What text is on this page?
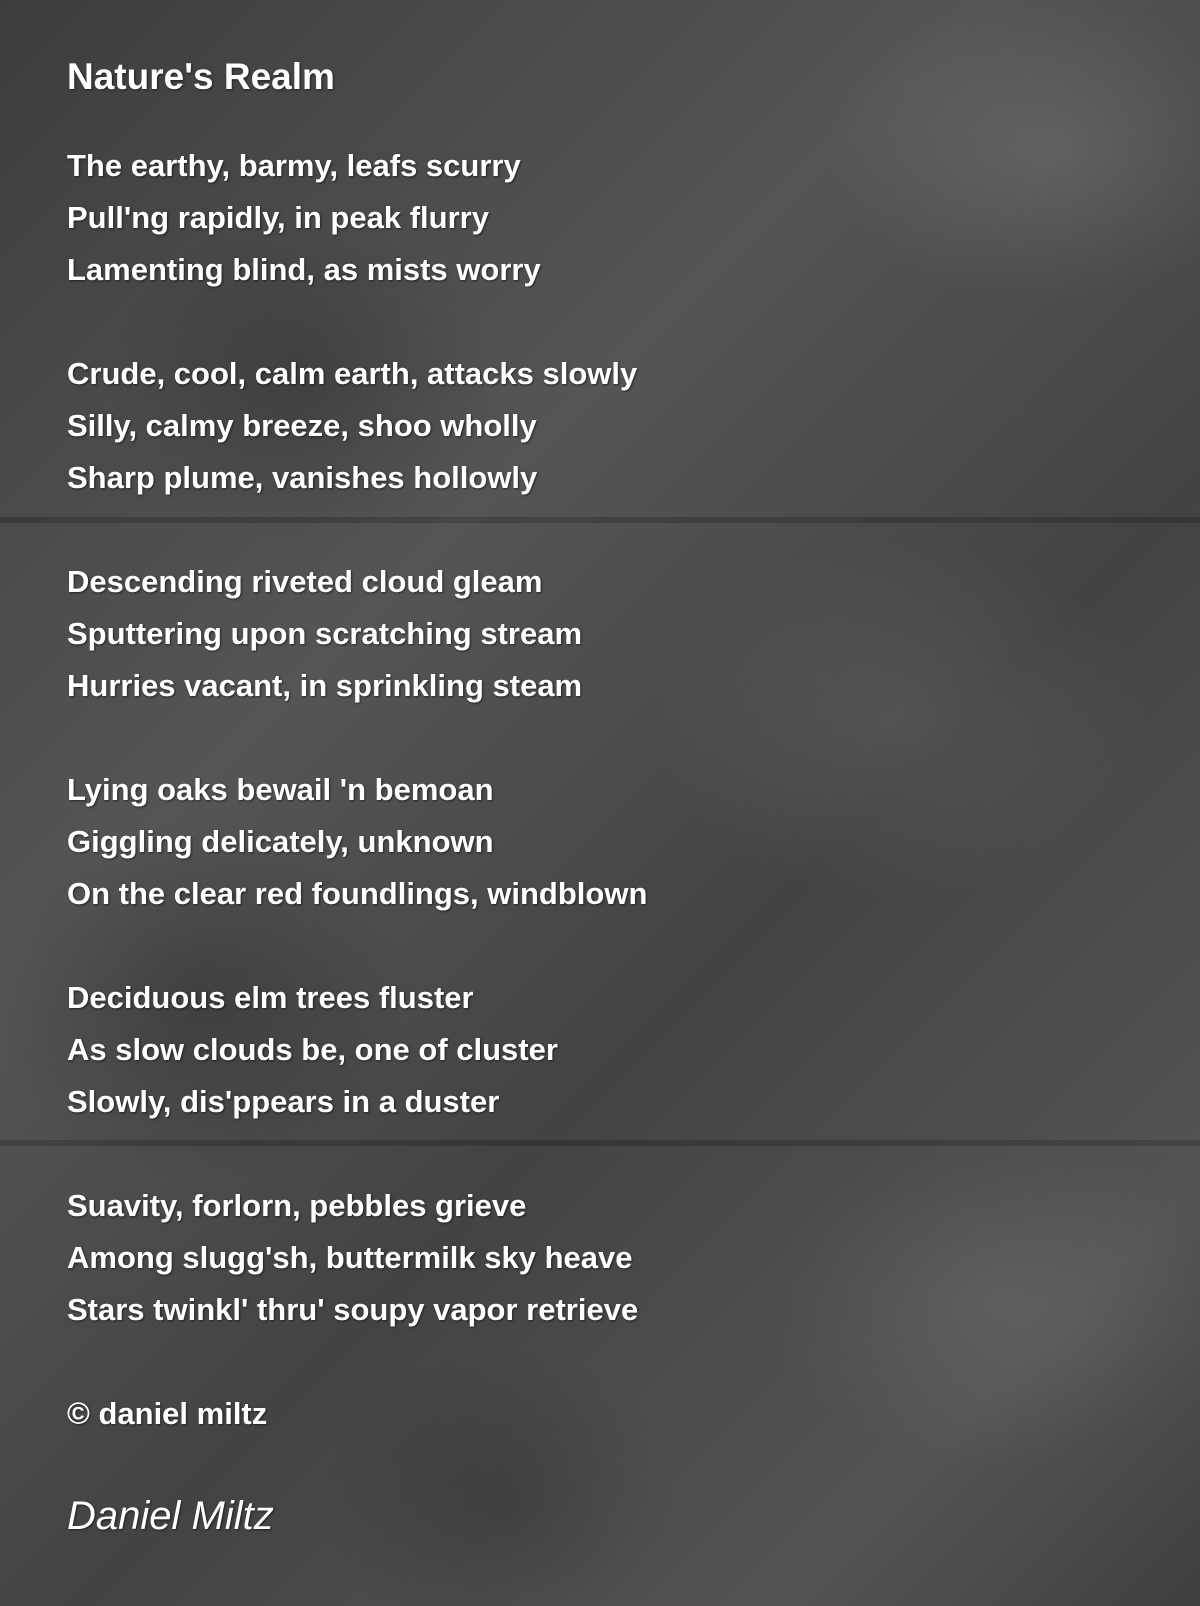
Nature's Realm
The earthy, barmy, leafs scurry
Pull'ng rapidly, in peak flurry
Lamenting blind, as mists worry
Crude, cool, calm earth, attacks slowly
Silly, calmy breeze, shoo wholly
Sharp plume, vanishes hollowly
Descending riveted cloud gleam
Sputtering upon scratching stream
Hurries vacant, in sprinkling steam
Lying oaks bewail 'n bemoan
Giggling delicately, unknown
On the clear red foundlings, windblown
Deciduous elm trees fluster
As slow clouds be, one of cluster
Slowly, dis'ppears in a duster
Suavity, forlorn, pebbles grieve
Among slugg'sh, buttermilk sky heave
Stars twinkl' thru' soupy vapor retrieve
© daniel miltz
Daniel Miltz
